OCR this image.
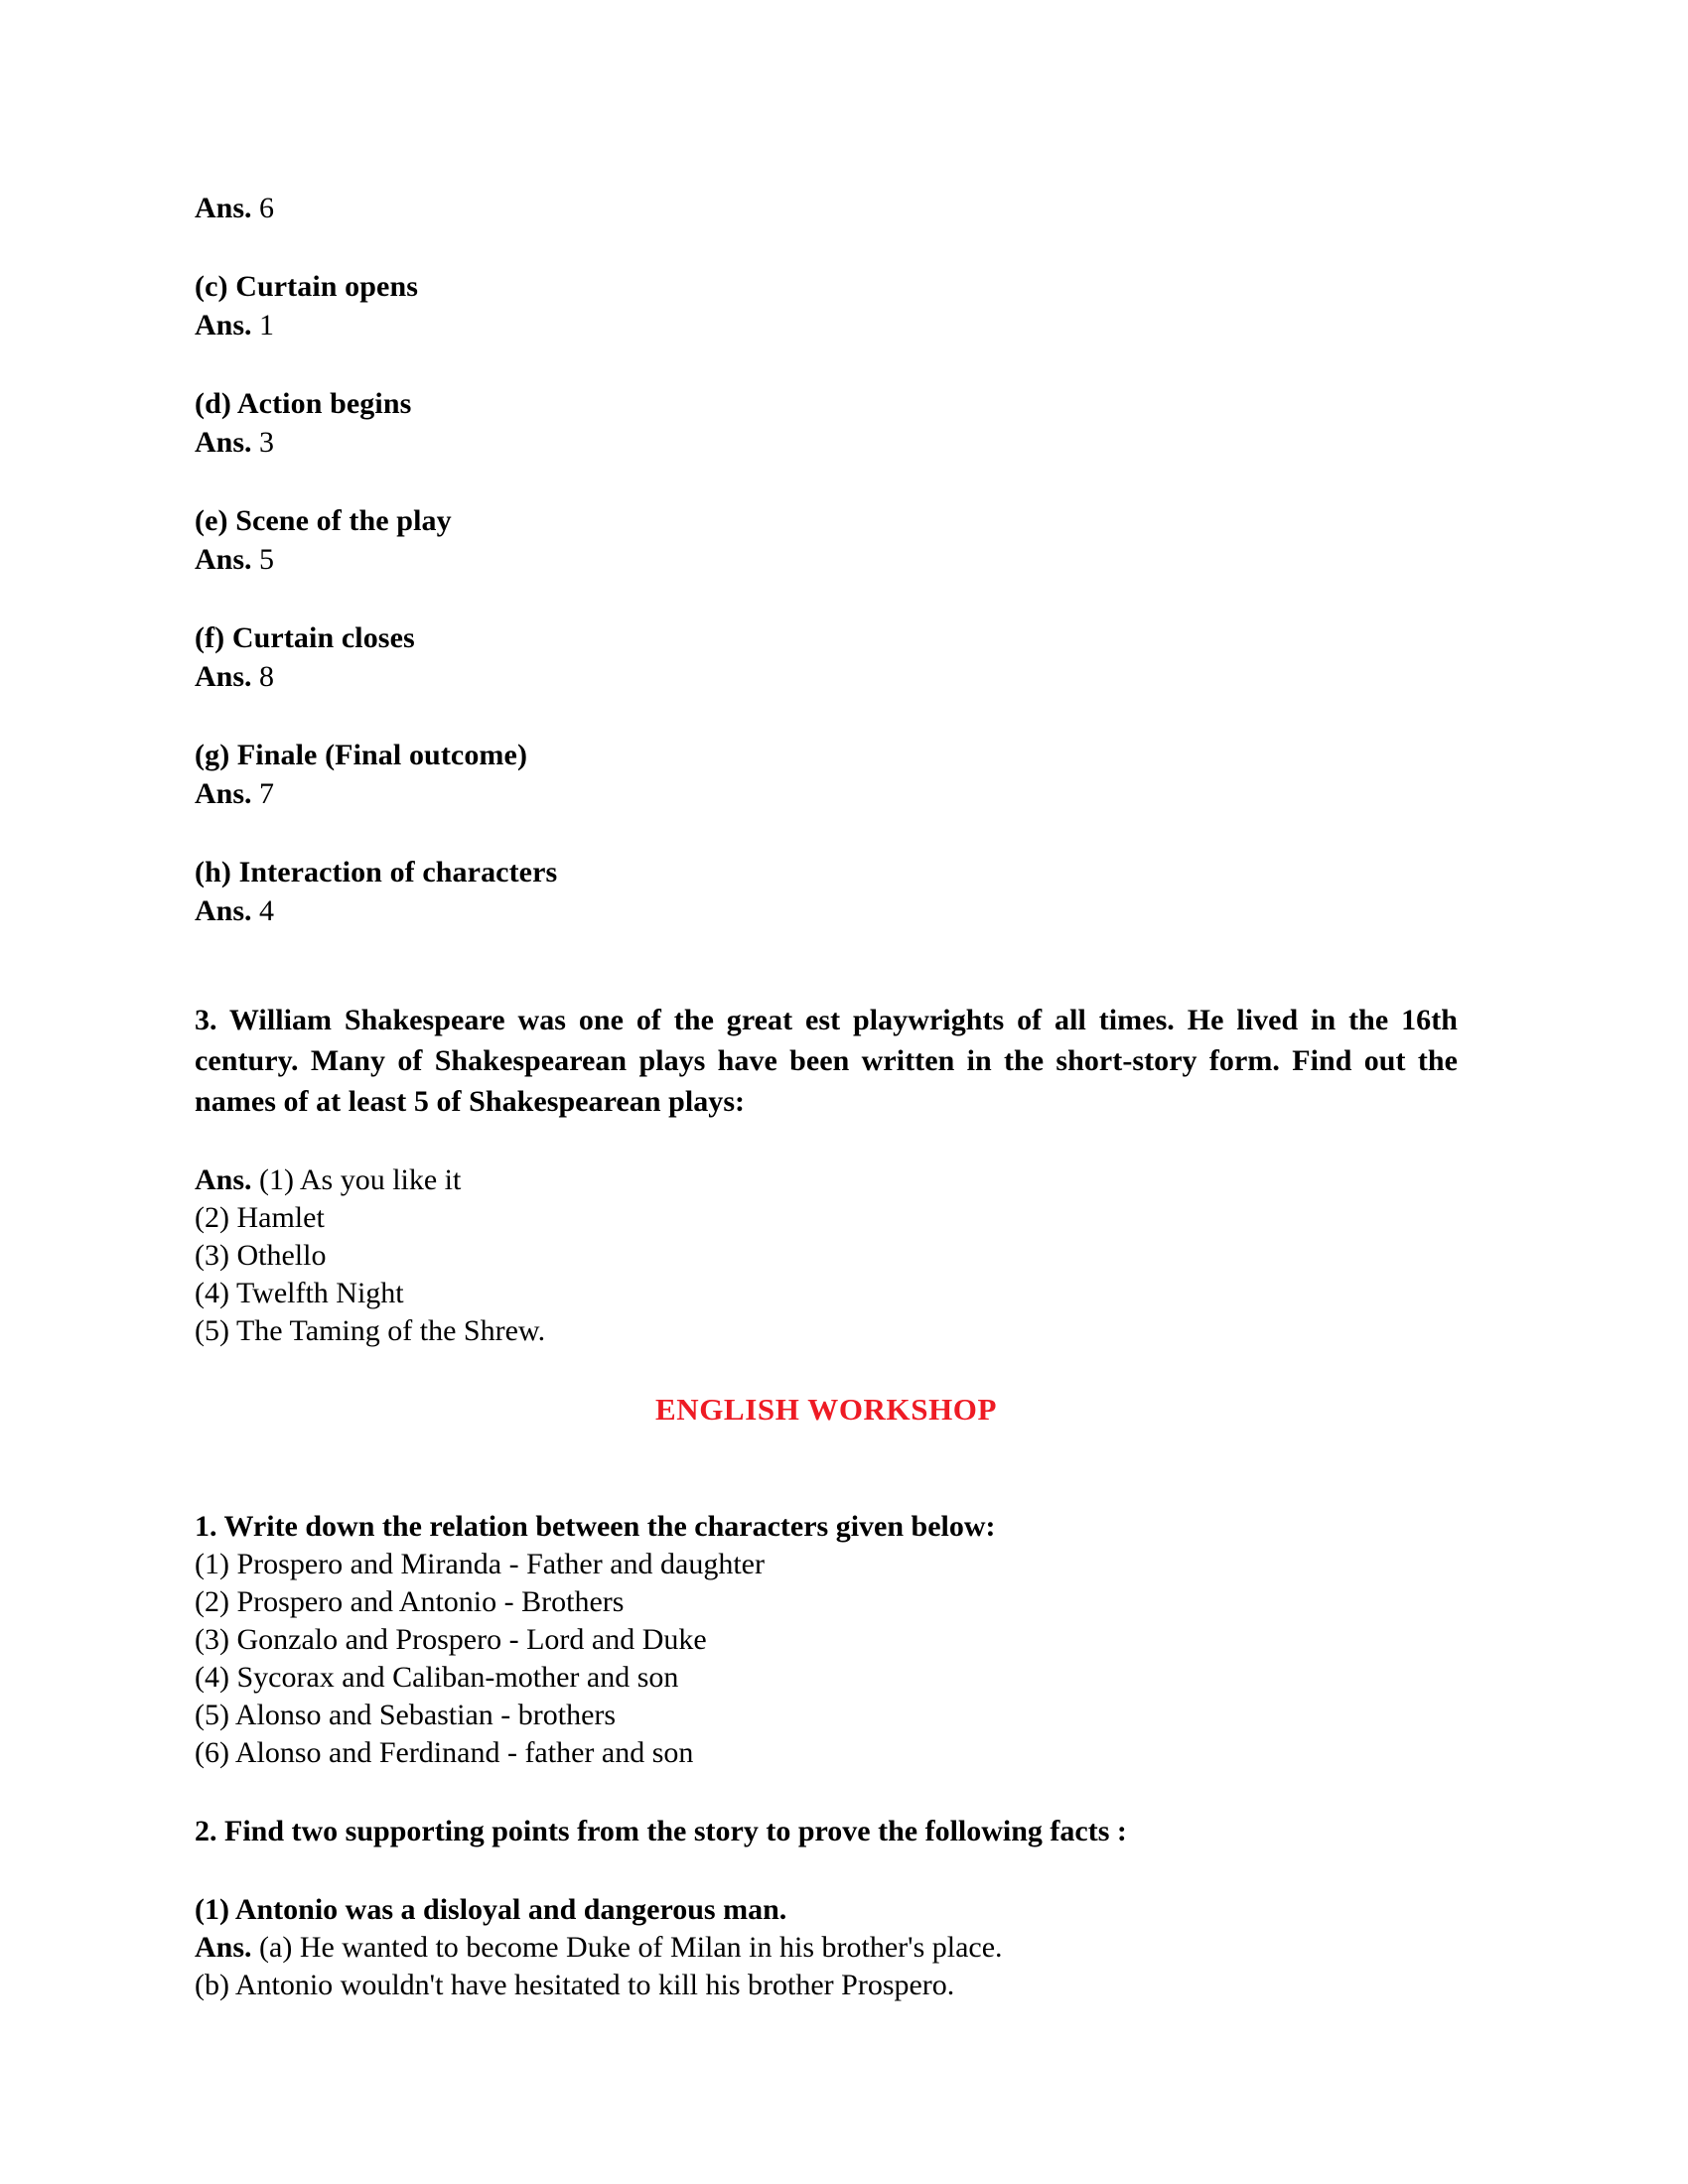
Ans. 6
(c) Curtain opens
Ans. 1
(d) Action begins
Ans. 3
(e) Scene of the play
Ans. 5
(f) Curtain closes
Ans. 8
(g) Finale (Final outcome)
Ans. 7
(h) Interaction of characters
Ans. 4
3. William Shakespeare was one of the great est playwrights of all times. He lived in the 16th century. Many of Shakespearean plays have been written in the short-story form. Find out the names of at least 5 of Shakespearean plays:
Ans. (1) As you like it
(2) Hamlet
(3) Othello
(4) Twelfth Night
(5) The Taming of the Shrew.
ENGLISH WORKSHOP
1. Write down the relation between the characters given below:
(1) Prospero and Miranda - Father and daughter
(2) Prospero and Antonio - Brothers
(3) Gonzalo and Prospero - Lord and Duke
(4) Sycorax and Caliban-mother and son
(5) Alonso and Sebastian - brothers
(6) Alonso and Ferdinand - father and son
2. Find two supporting points from the story to prove the following facts :
(1) Antonio was a disloyal and dangerous man.
Ans. (a) He wanted to become Duke of Milan in his brother's place.
(b) Antonio wouldn't have hesitated to kill his brother Prospero.
